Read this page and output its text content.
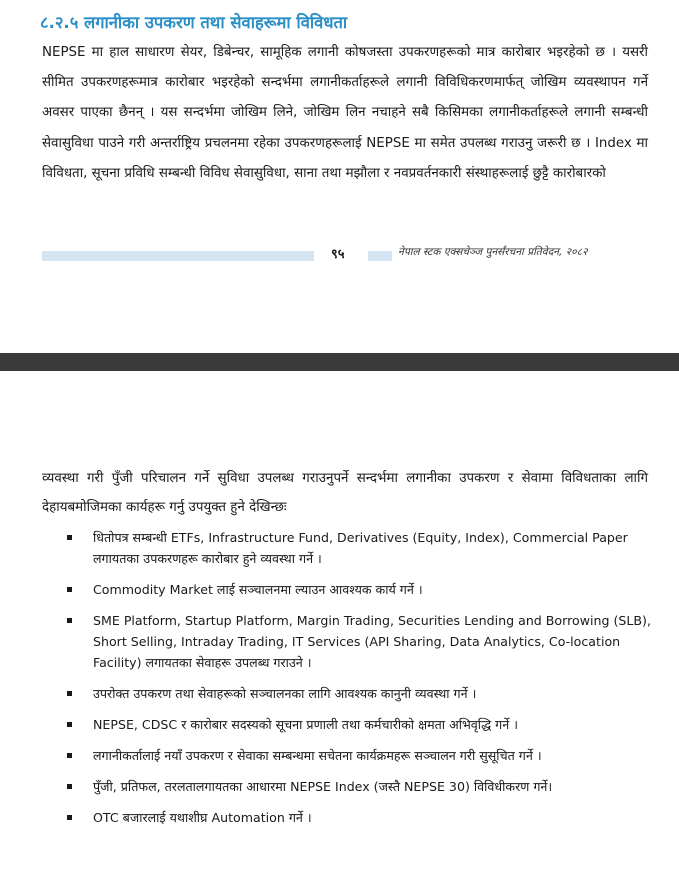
८.२.५ लगानीका उपकरण तथा सेवाहरूमा विविधता
NEPSE मा हाल साधारण सेयर, डिबेन्चर, सामूहिक लगानी कोषजस्ता उपकरणहरूको मात्र कारोबार भइरहेको छ । यसरी सीमित उपकरणहरूमात्र कारोबार भइरहेको सन्दर्भमा लगानीकर्ताहरूले लगानी विविधिकरणमार्फत् जोखिम व्यवस्थापन गर्ने अवसर पाएका छैनन् । यस सन्दर्भमा जोखिम लिने, जोखिम लिन नचाहने सबै किसिमका लगानीकर्ताहरूले लगानी सम्बन्धी सेवासुविधा पाउने गरी अन्तर्राष्ट्रिय प्रचलनमा रहेका उपकरणहरूलाई NEPSE मा समेत उपलब्ध गराउनु जरूरी छ । Index मा विविधता, सूचना प्रविधि सम्बन्धी विविध सेवासुविधा, साना तथा मझौला र नवप्रवर्तनकारी संस्थाहरूलाई छुट्टै कारोबारको
९५	नेपाल स्टक एक्सचेञ्ज पुनर्संरचना प्रतिवेदन, २०८२
व्यवस्था गरी पुँजी परिचालन गर्ने सुविधा उपलब्ध गराउनुपर्ने सन्दर्भमा लगानीका उपकरण र सेवामा विविधताका लागि देहायबमोजिमका कार्यहरू गर्नु उपयुक्त हुने देखिन्छः
धितोपत्र सम्बन्धी ETFs, Infrastructure Fund, Derivatives (Equity, Index), Commercial Paper लगायतका उपकरणहरू कारोबार हुने व्यवस्था गर्ने ।
Commodity Market लाई सञ्चालनमा ल्याउन आवश्यक कार्य गर्ने ।
SME Platform, Startup Platform, Margin Trading, Securities Lending and Borrowing (SLB), Short Selling, Intraday Trading, IT Services (API Sharing, Data Analytics, Co-location Facility) लगायतका सेवाहरू उपलब्ध गराउने ।
उपरोक्त उपकरण तथा सेवाहरूको सञ्चालनका लागि आवश्यक कानुनी व्यवस्था गर्ने ।
NEPSE, CDSC र कारोबार सदस्यको सूचना प्रणाली तथा कर्मचारीको क्षमता अभिवृद्धि गर्ने ।
लगानीकर्तालाई नयाँ उपकरण र सेवाका सम्बन्धमा सचेतना कार्यक्रमहरू सञ्चालन गरी सुसूचित गर्ने ।
पुँजी, प्रतिफल, तरलतालगायतका आधारमा NEPSE Index (जस्तै NEPSE 30) विविधीकरण गर्ने।
OTC बजारलाई यथाशीघ्र Automation गर्ने ।
